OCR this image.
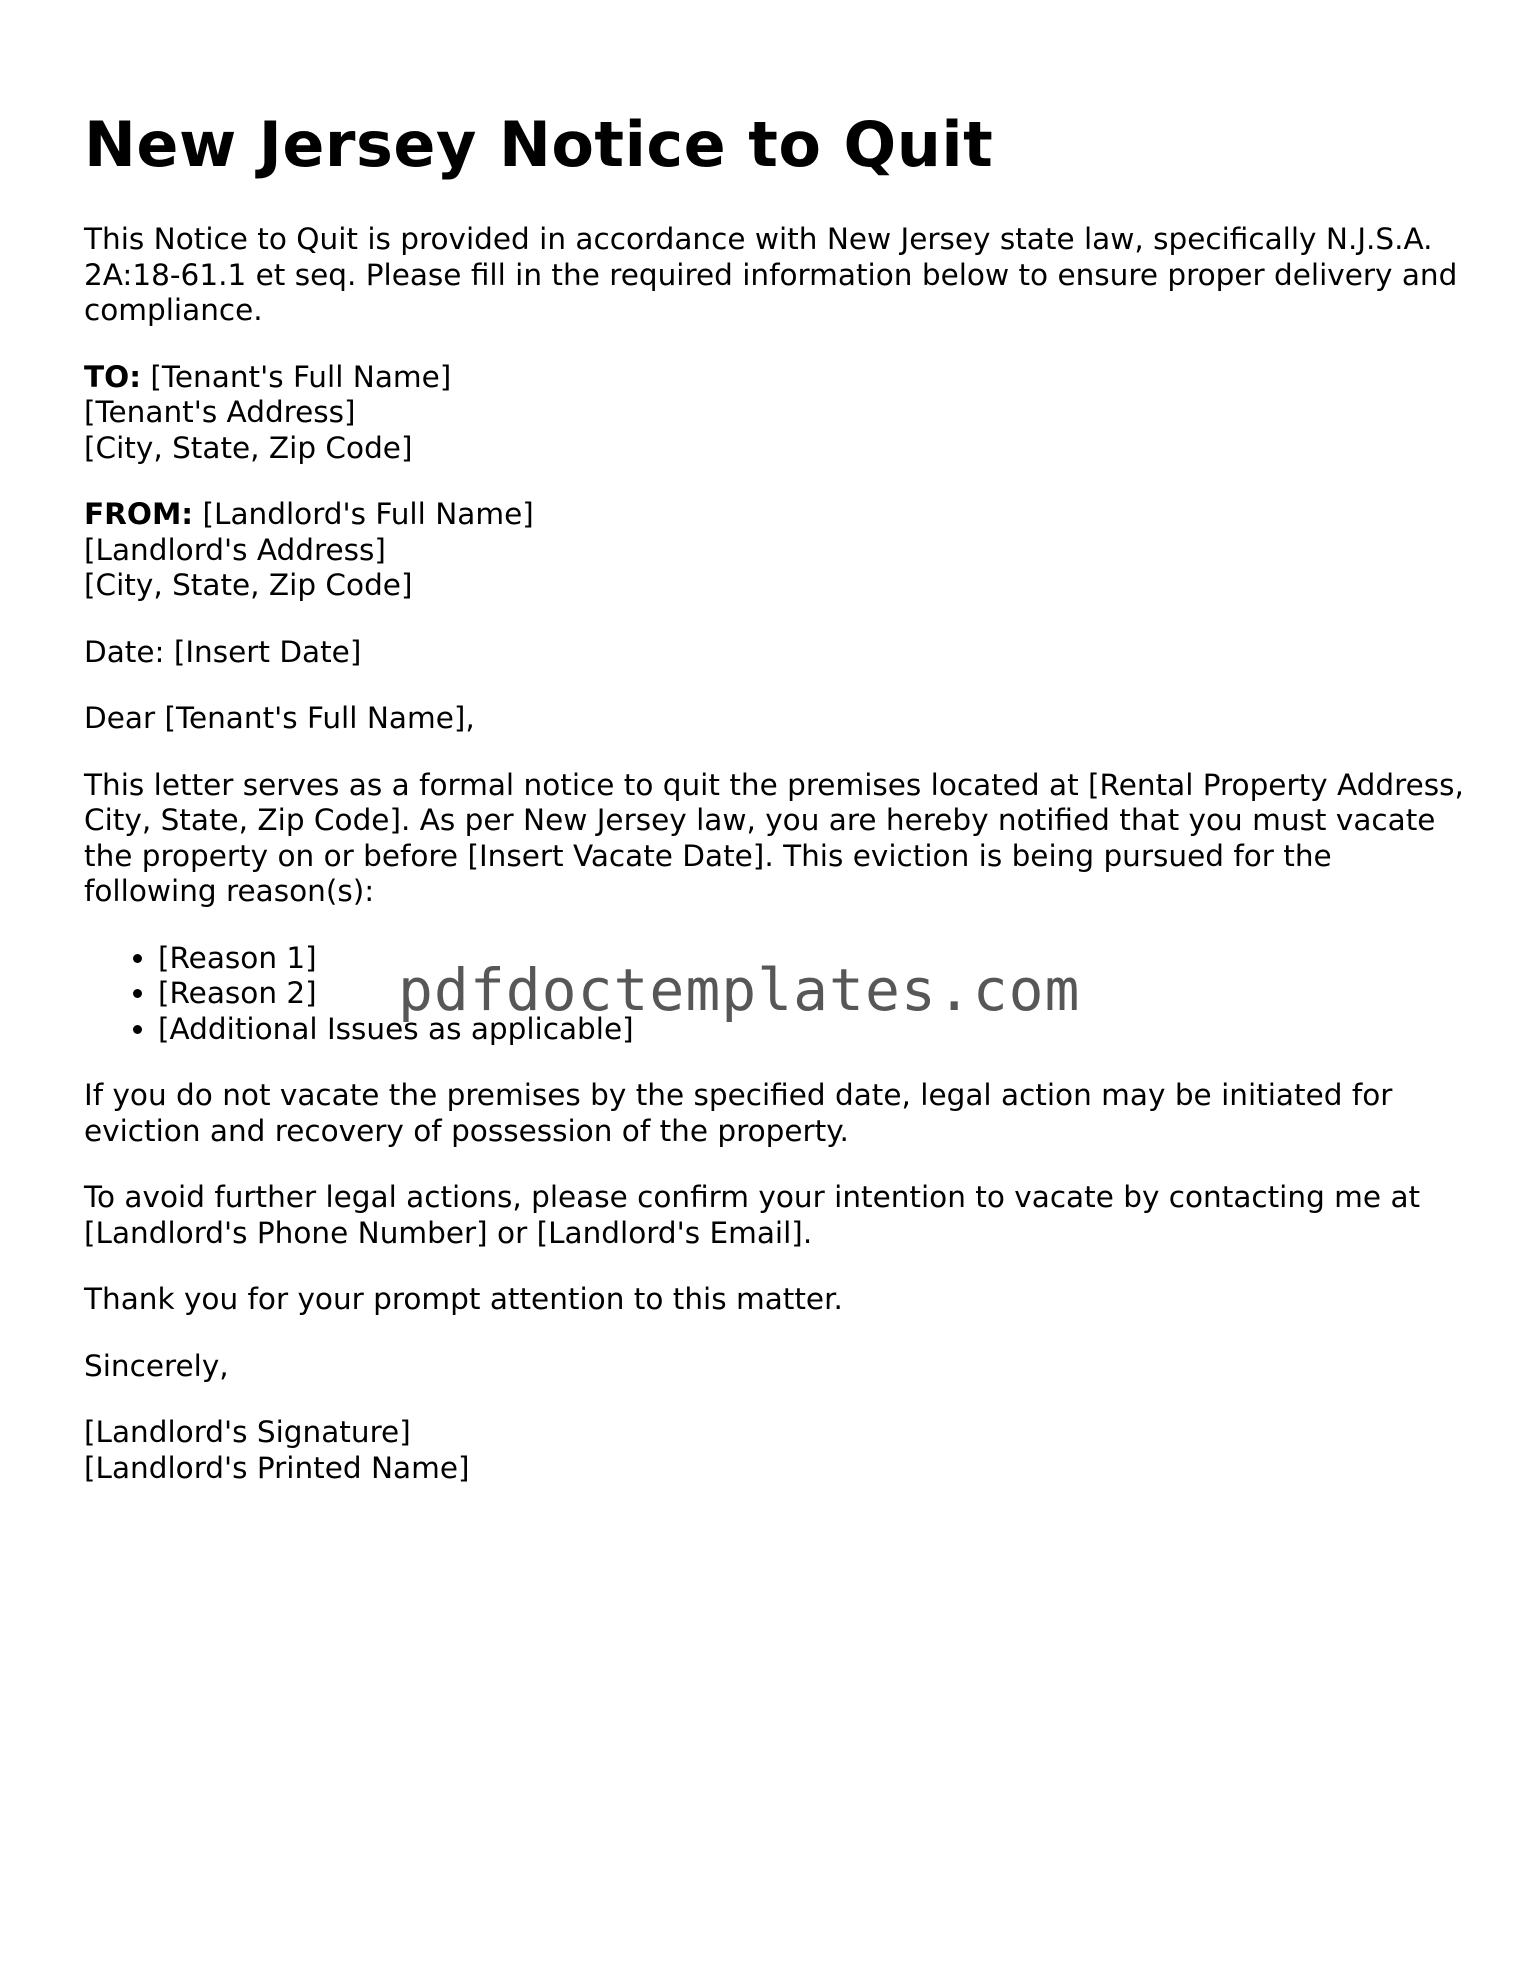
New Jersey Notice to Quit

This Notice to Quit is provided in accordance with New Jersey state law, specifically N.J.S.A. 2A:18-61.1 et seq. Please fill in the required information below to ensure proper delivery and compliance.

TO: [Tenant's Full Name]
[Tenant's Address]
[City, State, Zip Code]

FROM: [Landlord's Full Name]
[Landlord's Address]
[City, State, Zip Code]

Date: [Insert Date]

Dear [Tenant's Full Name],

This letter serves as a formal notice to quit the premises located at [Rental Property Address, City, State, Zip Code]. As per New Jersey law, you are hereby notified that you must vacate the property on or before [Insert Vacate Date]. This eviction is being pursued for the following reason(s):

• [Reason 1]
• [Reason 2]
• [Additional Issues as applicable]

If you do not vacate the premises by the specified date, legal action may be initiated for eviction and recovery of possession of the property.

To avoid further legal actions, please confirm your intention to vacate by contacting me at [Landlord's Phone Number] or [Landlord's Email].

Thank you for your prompt attention to this matter.

Sincerely,

[Landlord's Signature]
[Landlord's Printed Name]

pdfdoctemplates.com
